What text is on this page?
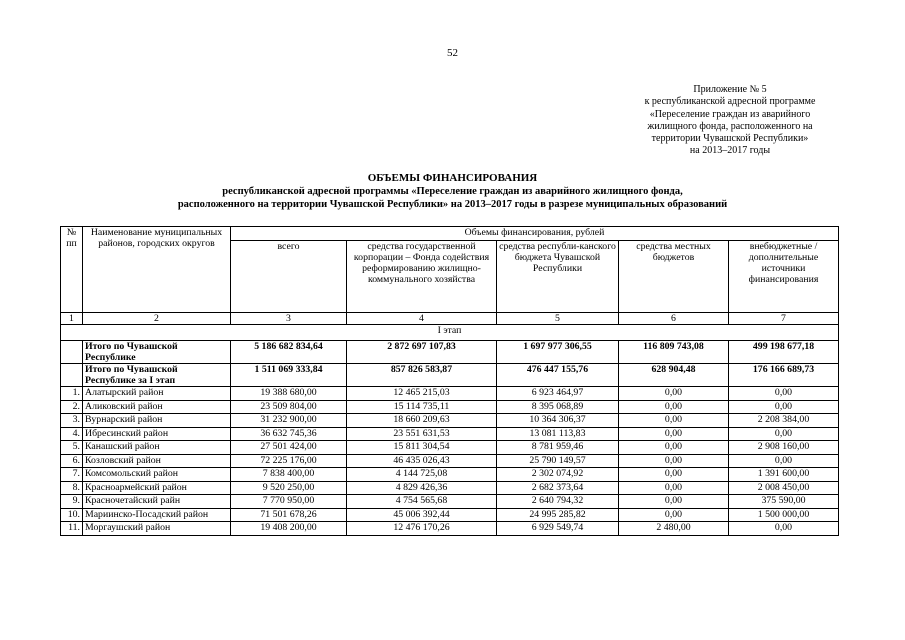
52
Приложение № 5
к республиканской адресной программе
«Переселение граждан из аварийного
жилищного фонда, расположенного на
территории Чувашской Республики»
на 2013–2017 годы
ОБЪЕМЫ ФИНАНСИРОВАНИЯ
республиканской адресной программы «Переселение граждан из аварийного жилищного фонда,
расположенного на территории Чувашской Республики» на 2013–2017 годы в разрезе муниципальных образований
№ пп	Наименование муниципальных районов, городских округов	Объемы финансирования, рублей				
		всего	средства государственной корпорации – Фонда содействия реформированию жилищно-коммунального хозяйства	средства республи-канского бюджета Чувашской Республики	средства местных бюджетов	внебюджетные / дополнительные источники финансирования
1	2	3	4	5	6	7
I этап						
	Итого по Чувашской Республике	5 186 682 834,64	2 872 697 107,83	1 697 977 306,55	116 809 743,08	499 198 677,18
	Итого по Чувашской Республике за I этап	1 511 069 333,84	857 826 583,87	476 447 155,76	628 904,48	176 166 689,73
1.	Алатырский район	19 388 680,00	12 465 215,03	6 923 464,97	0,00	0,00
2.	Аликовский район	23 509 804,00	15 114 735,11	8 395 068,89	0,00	0,00
3.	Вурнарский район	31 232 900,00	18 660 209,63	10 364 306,37	0,00	2 208 384,00
4.	Ибресинский район	36 632 745,36	23 551 631,53	13 081 113,83	0,00	0,00
5.	Канашский район	27 501 424,00	15 811 304,54	8 781 959,46	0,00	2 908 160,00
6.	Козловский район	72 225 176,00	46 435 026,43	25 790 149,57	0,00	0,00
7.	Комсомольский район	7 838 400,00	4 144 725,08	2 302 074,92	0,00	1 391 600,00
8.	Красноармейский район	9 520 250,00	4 829 426,36	2 682 373,64	0,00	2 008 450,00
9.	Красночетайский райн	7 770 950,00	4 754 565,68	2 640 794,32	0,00	375 590,00
10.	Мариинско-Посадский район	71 501 678,26	45 006 392,44	24 995 285,82	0,00	1 500 000,00
11.	Моргаушский район	19 408 200,00	12 476 170,26	6 929 549,74	2 480,00	0,00
